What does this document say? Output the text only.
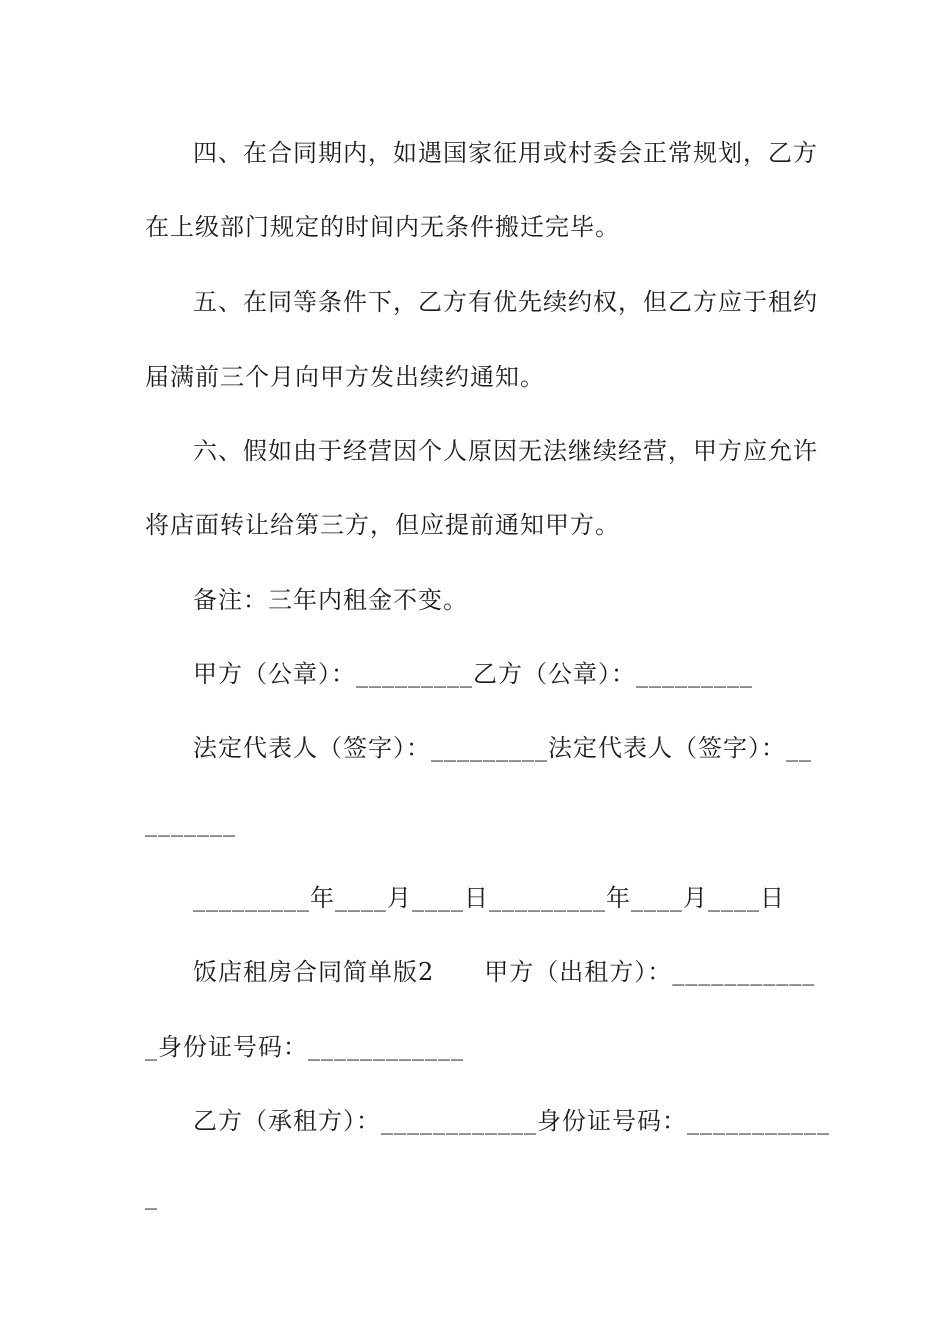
四、在合同期内，如遇国家征用或村委会正常规划，乙方
在上级部门规定的时间内无条件搬迁完毕。
五、在同等条件下，乙方有优先续约权，但乙方应于租约
届满前三个月向甲方发出续约通知。
六、假如由于经营因个人原因无法继续经营，甲方应允许
将店面转让给第三方，但应提前通知甲方。
备注：三年内租金不变。
甲方（公章）：_________乙方（公章）：_________
法定代表人（签字）：_________法定代表人（签字）：__
_______
_________年____月____日_________年____月____日
饭店租房合同简单版2　　甲方（出租方）：___________
_身份证号码：____________
乙方（承租方）：____________身份证号码：___________
_
